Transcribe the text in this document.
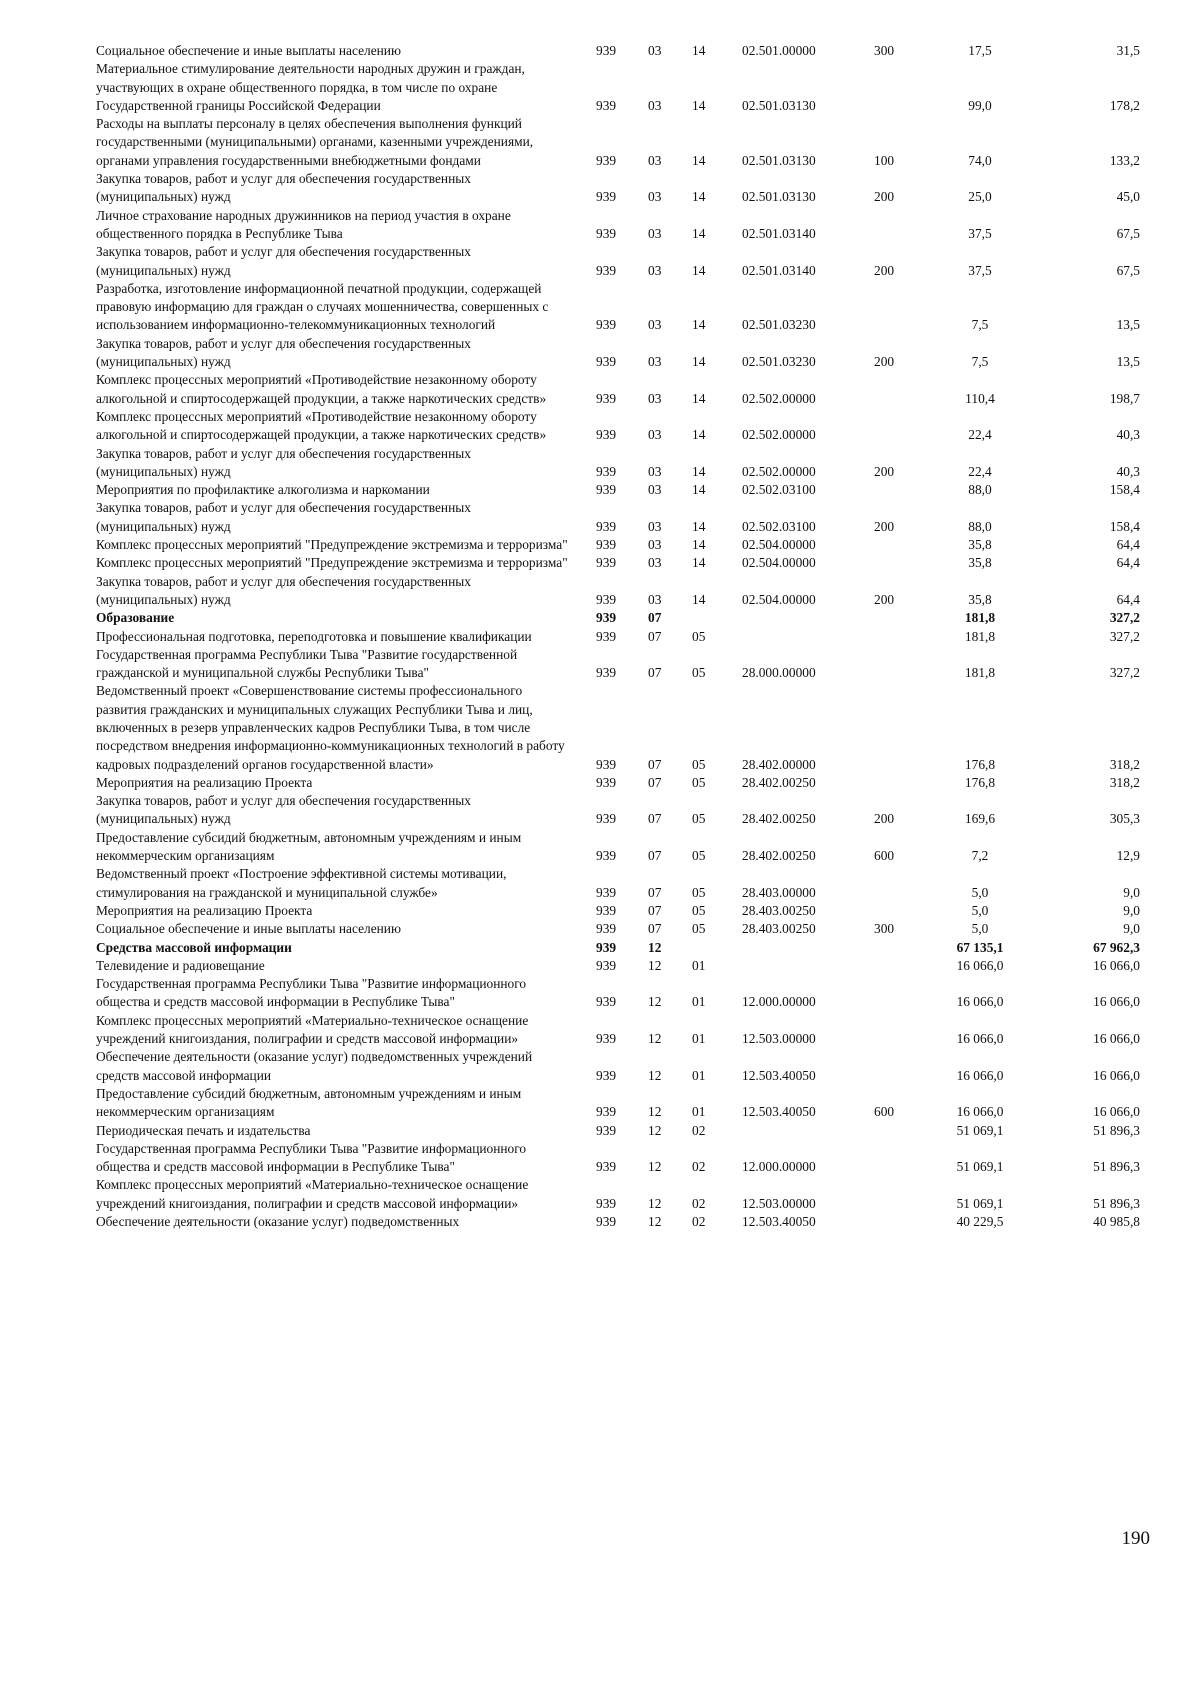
Социальное обеспечение и иные выплаты населению	939	03	14	02.501.00000	300	17,5	31,5
Материальное стимулирование деятельности народных дружин и граждан, участвующих в охране общественного порядка, в том числе по охране Государственной границы Российской Федерации	939	03	14	02.501.03130		99,0	178,2
Расходы на выплаты персоналу в целях обеспечения выполнения функций государственными (муниципальными) органами, казенными учреждениями, органами управления государственными внебюджетными фондами	939	03	14	02.501.03130	100	74,0	133,2
Закупка товаров, работ и услуг для обеспечения государственных (муниципальных) нужд	939	03	14	02.501.03130	200	25,0	45,0
Личное страхование народных дружинников на период участия в охране общественного порядка в Республике Тыва	939	03	14	02.501.03140		37,5	67,5
Закупка товаров, работ и услуг для обеспечения государственных (муниципальных) нужд	939	03	14	02.501.03140	200	37,5	67,5
Разработка, изготовление информационной печатной продукции, содержащей правовую информацию для граждан о случаях мошенничества, совершенных с использованием информационно-телекоммуникационных технологий	939	03	14	02.501.03230		7,5	13,5
Закупка товаров, работ и услуг для обеспечения государственных (муниципальных) нужд	939	03	14	02.501.03230	200	7,5	13,5
Комплекс процессных мероприятий «Противодействие незаконному обороту алкогольной и спиртосодержащей продукции, а также наркотических средств»	939	03	14	02.502.00000		110,4	198,7
Комплекс процессных мероприятий «Противодействие незаконному обороту алкогольной и спиртосодержащей продукции, а также наркотических средств»	939	03	14	02.502.00000		22,4	40,3
Закупка товаров, работ и услуг для обеспечения государственных (муниципальных) нужд	939	03	14	02.502.00000	200	22,4	40,3
Мероприятия по профилактике алкоголизма и наркомании	939	03	14	02.502.03100		88,0	158,4
Закупка товаров, работ и услуг для обеспечения государственных (муниципальных) нужд	939	03	14	02.502.03100	200	88,0	158,4
Комплекс процессных мероприятий "Предупреждение экстремизма и терроризма"	939	03	14	02.504.00000		35,8	64,4
Комплекс процессных мероприятий "Предупреждение экстремизма и терроризма"	939	03	14	02.504.00000		35,8	64,4
Закупка товаров, работ и услуг для обеспечения государственных (муниципальных) нужд	939	03	14	02.504.00000	200	35,8	64,4
Образование	939	07				181,8	327,2
Профессиональная подготовка, переподготовка и повышение квалификации	939	07	05			181,8	327,2
Государственная программа Республики Тыва "Развитие государственной гражданской и муниципальной службы Республики Тыва"	939	07	05	28.000.00000		181,8	327,2
Ведомственный проект «Совершенствование системы профессионального развития гражданских и муниципальных служащих Республики Тыва и лиц, включенных в резерв управленческих кадров Республики Тыва, в том числе посредством внедрения информационно-коммуникационных технологий в работу кадровых подразделений органов государственной власти»	939	07	05	28.402.00000		176,8	318,2
Мероприятия на реализацию Проекта	939	07	05	28.402.00250		176,8	318,2
Закупка товаров, работ и услуг для обеспечения государственных (муниципальных) нужд	939	07	05	28.402.00250	200	169,6	305,3
Предоставление субсидий бюджетным, автономным учреждениям и иным некоммерческим организациям	939	07	05	28.402.00250	600	7,2	12,9
Ведомственный проект «Построение эффективной системы мотивации, стимулирования на гражданской и муниципальной службе»	939	07	05	28.403.00000		5,0	9,0
Мероприятия на реализацию Проекта	939	07	05	28.403.00250		5,0	9,0
Социальное обеспечение и иные выплаты населению	939	07	05	28.403.00250	300	5,0	9,0
Средства массовой информации	939	12				67 135,1	67 962,3
Телевидение и радиовещание	939	12	01			16 066,0	16 066,0
Государственная программа Республики Тыва "Развитие информационного общества и средств массовой информации в Республике Тыва"	939	12	01	12.000.00000		16 066,0	16 066,0
Комплекс процессных мероприятий «Материально-техническое оснащение учреждений книгоиздания, полиграфии и средств массовой информации»	939	12	01	12.503.00000		16 066,0	16 066,0
Обеспечение деятельности (оказание услуг) подведомственных учреждений средств массовой информации	939	12	01	12.503.40050		16 066,0	16 066,0
Предоставление субсидий бюджетным, автономным учреждениям и иным некоммерческим организациям	939	12	01	12.503.40050	600	16 066,0	16 066,0
Периодическая печать и издательства	939	12	02			51 069,1	51 896,3
Государственная программа Республики Тыва "Развитие информационного общества и средств массовой информации в Республике Тыва"	939	12	02	12.000.00000		51 069,1	51 896,3
Комплекс процессных мероприятий «Материально-техническое оснащение учреждений книгоиздания, полиграфии и средств массовой информации»	939	12	02	12.503.00000		51 069,1	51 896,3
Обеспечение деятельности (оказание услуг) подведомственных	939	12	02	12.503.40050		40 229,5	40 985,8
190
